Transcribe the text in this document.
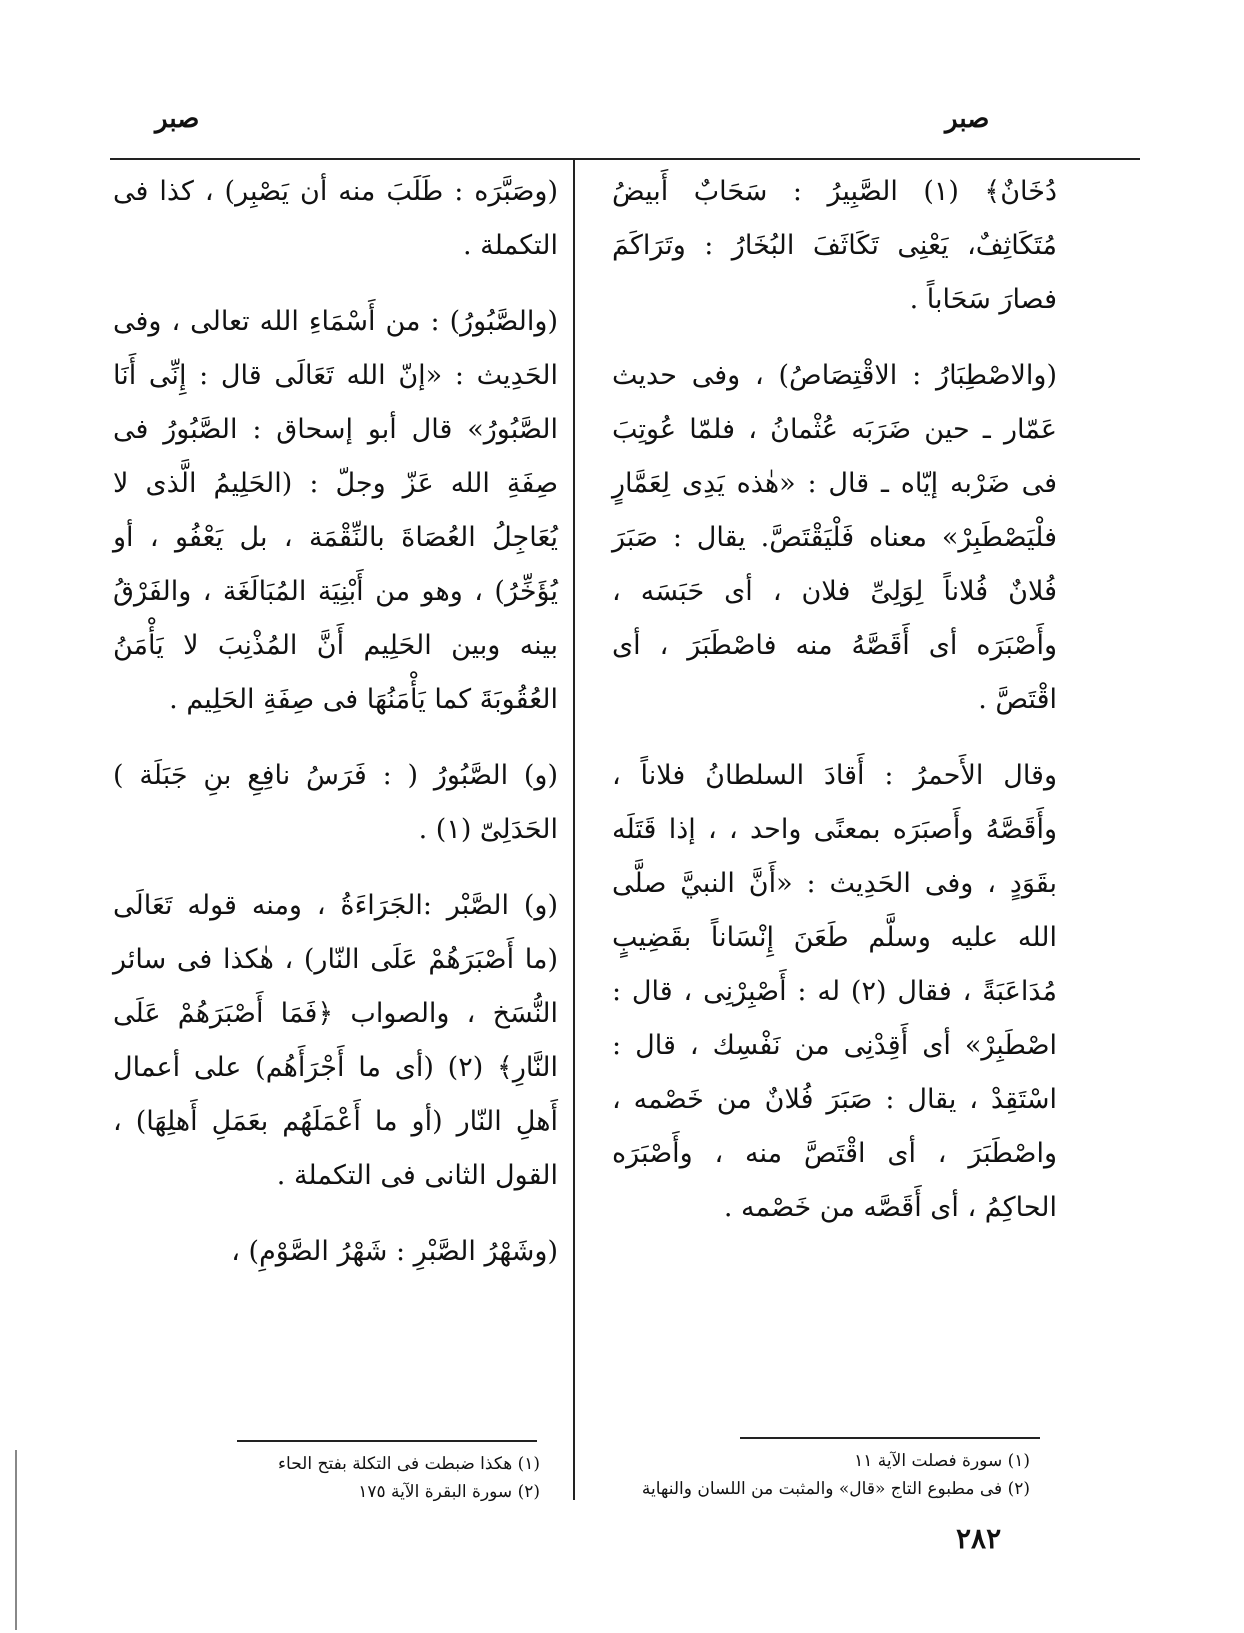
صبر
صبر

دُخَانٌ﴾ (١) الصَّبِيرُ : سَحَابٌ أَبيضُ مُتَكَاثِفٌ، يَعْنِى تَكَاثَفَ البُخَارُ : وتَرَاكَمَ فصارَ سَحَاباً .

(والاصْطِبَارُ : الاقْتِصَاصُ) ، وفى حديث عَمّار ـ حين ضَرَبَه عُثْمانُ ، فلمّا عُوتِبَ فى ضَرْبه إيّاه ـ قال : «هٰذه يَدِى لِعَمَّارٍ فلْيَصْطَبِرْ» معناه فَلْيَقْتَصَّ. يقال : صَبَرَ فُلانٌ فُلاناً لِوَلِىِّ فلان ، أى حَبَسَه ، وأَصْبَرَه أى أَقَصَّهُ منه فاصْطَبَرَ ، أى اقْتَصَّ .

وقال الأَحمرُ : أَقادَ السلطانُ فلاناً ، وأَقَصَّهُ وأَصبَرَه بمعنًى واحد ، ، إذا قَتَلَه بقَوَدٍ ، وفى الحَدِيث : «أَنَّ النبيَّ صلَّى الله عليه وسلَّم طَعَنَ إِنْسَاناً بقَضِيبٍ مُدَاعَبَةً ، فقال (٢) له : أَصْبِرْنِى ، قال : اصْطَبِرْ» أى أَقِدْنِى من نَفْسِك ، قال : اسْتَقِدْ ، يقال : صَبَرَ فُلانٌ من خَصْمه ، واصْطَبَرَ ، أى اقْتَصَّ منه ، وأَصْبَرَه الحاكِمُ ، أى أَقَصَّه من خَصْمه .

(وصَبَّرَه : طَلَبَ منه أن يَصْبِر) ، كذا فى التكملة .

(والصَّبُورُ) : من أَسْمَاءِ الله تعالى ، وفى الحَدِيث : «إنّ الله تَعَالَى قال : إِنِّى أَنَا الصَّبُورُ» قال أبو إسحاق : الصَّبُورُ فى صِفَةِ الله عَزّ وجلّ : (الحَلِيمُ الَّذى لا يُعَاجِلُ العُصَاةَ بالنِّقْمَة ، بل يَعْفُو ، أو يُؤَخِّرُ) ، وهو من أَبْنِيَة المُبَالَغَة ، والفَرْقُ بينه وبين الحَلِيم أَنَّ المُذْنِبَ لا يَأْمَنُ العُقُوبَةَ كما يَأْمَنُهَا فى صِفَةِ الحَلِيم .

(و) الصَّبُورُ ( : فَرَسُ نافِعِ بنِ جَبَلَة ) الحَدَلِىّ (١) .

(و) الصَّبْر :الجَرَاءَةُ ، ومنه قوله تَعَالَى (ما أَصْبَرَهُمْ عَلَى النّار) ، هٰكذا فى سائر النُّسَخ ، والصواب ﴿فَمَا أَصْبَرَهُمْ عَلَى النَّارِ﴾ (٢) (أى ما أَجْرَأَهُم) على أعمال أَهلِ النّار (أو ما أَعْمَلَهُم بعَمَلِ أَهلِهَا) ، القول الثانى فى التكملة .

(وشَهْرُ الصَّبْرِ : شَهْرُ الصَّوْمِ) ،

(١) سورة فصلت الآية ١١

(٢) فى مطبوع التاج «قال» والمثبت من اللسان والنهاية

(١) هكذا ضبطت فى التكلة بفتح الحاء

(٢) سورة البقرة الآية ١٧٥

٢٨٢
